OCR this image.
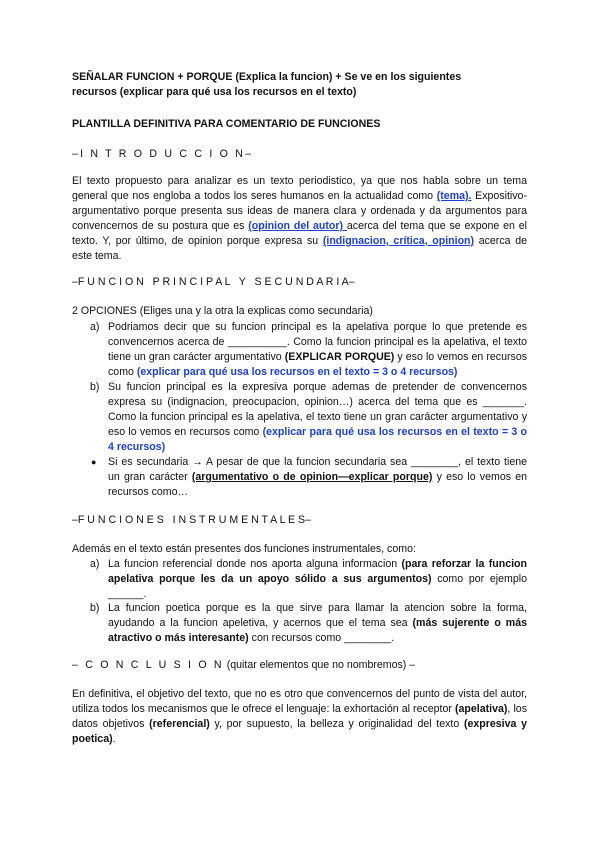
SEÑALAR FUNCION + PORQUE (Explica la funcion) + Se ve en los siguientes
recursos (explicar para qué usa los recursos en el texto)
PLANTILLA DEFINITIVA PARA COMENTARIO DE FUNCIONES
–I N T R O D U C C I O N–
El texto propuesto para analizar es un texto periodistico, ya que nos habla sobre un tema general que nos engloba a todos los seres humanos en la actualidad como (tema). Expositivo-argumentativo porque presenta sus ideas de manera clara y ordenada y da argumentos para convencernos de su postura que es (opinion del autor) acerca del tema que se expone en el texto. Y, por último, de opinion porque expresa su (indignacion, crítica, opinion) acerca de este tema.
–F U N C I O N   P R I N C I P A L   Y   S E C U N D A R I A–
2 OPCIONES (Eliges una y la otra la explicas como secundaria)
a) Podriamos decir que su funcion principal es la apelativa porque lo que pretende es convencernos acerca de __________. Como la funcion principal es la apelativa, el texto tiene un gran carácter argumentativo (EXPLICAR PORQUE) y eso lo vemos en recursos como (explicar para qué usa los recursos en el texto = 3 o 4 recursos)
b) Su funcion principal es la expresiva porque ademas de pretender de convencernos expresa su (indignacion, preocupacion, opinion…) acerca del tema que es _______. Como la funcion principal es la apelativa, el texto tiene un gran carácter argumentativo y eso lo vemos en recursos como (explicar para qué usa los recursos en el texto = 3 o 4 recursos)
● Si es secundaria → A pesar de que la funcion secundaria sea ________, el texto tiene un gran carácter (argumentativo o de opinion—explicar porque) y eso lo vemos en recursos como…
–F U N C I O N E S   I N S T R U M E N T A L E S–
Además en el texto están presentes dos funciones instrumentales, como:
a) La funcion referencial donde nos aporta alguna informacion (para reforzar la funcion apelativa porque les da un apoyo sólido a sus argumentos) como por ejemplo ______.
b) La funcion poetica porque es la que sirve para llamar la atencion sobre la forma, ayudando a la funcion apeletiva, y acernos que el tema sea (más sujerente o más atractivo o más interesante) con recursos como ________.
– C O N C L U S I O N (quitar elementos que no nombremos) –
En definitiva, el objetivo del texto, que no es otro que convencernos del punto de vista del autor, utiliza todos los mecanismos que le ofrece el lenguaje: la exhortación al receptor (apelativa), los datos objetivos (referencial) y, por supuesto, la belleza y originalidad del texto (expresiva y poetica).
